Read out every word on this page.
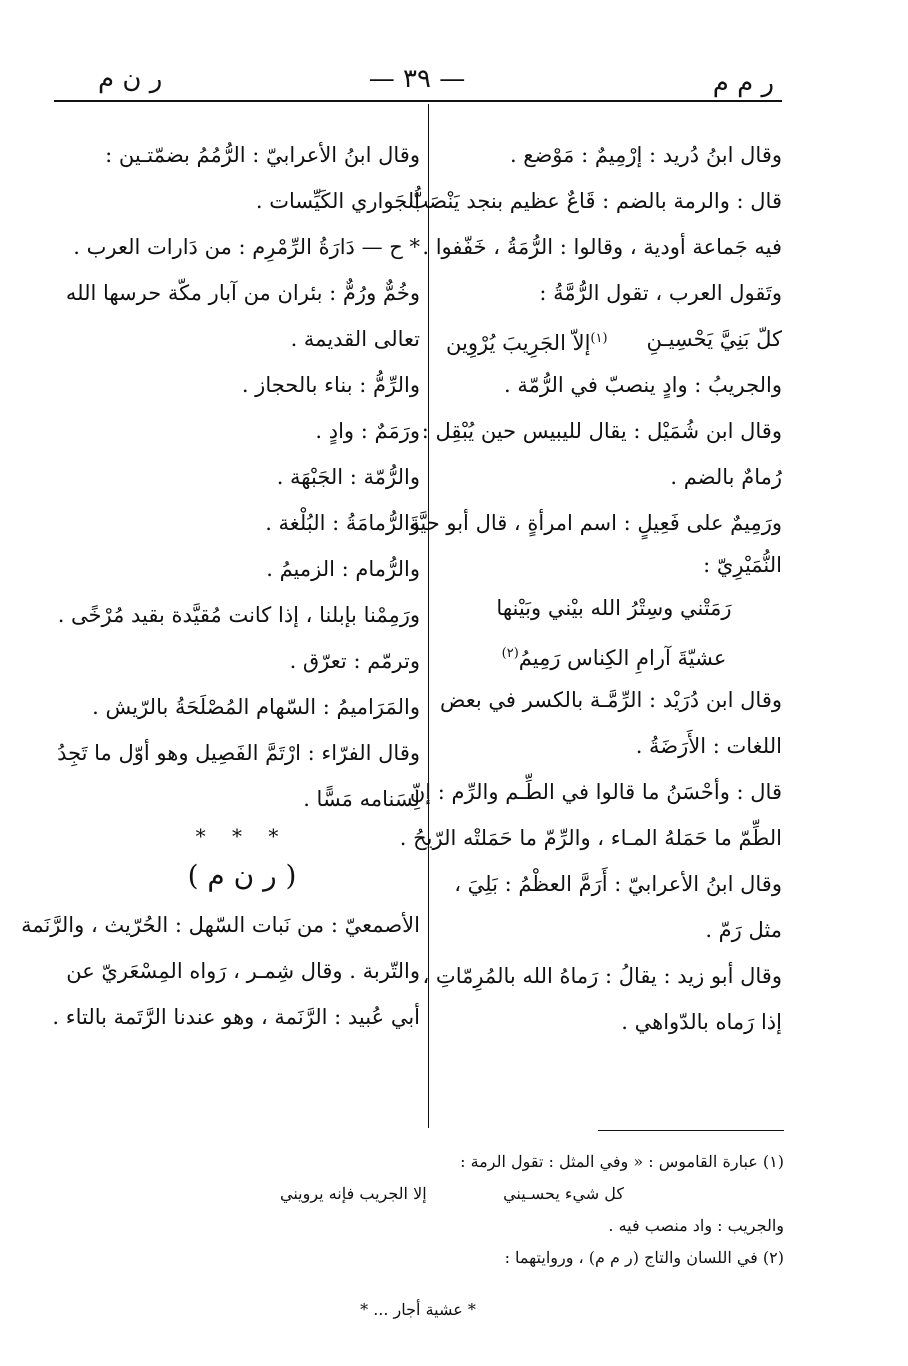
ر م م
— ٣٩ —
ر ن م
وقال ابنُ دُريد : إرْمِيمٌ : مَوْضع .
قال : والرمة بالضم : قَاعٌ عظيم بنجد يَنْصَبُّ
فيه جَماعة أودية ، وقالوا : الرُّمَةُ ، خَفّفوا .
وتَقول العرب ، تقول الرُّمَّةُ :
كلّ بَنِيَّ يَحْسِيـنِ
$^{(١)}$إلاّ الجَرِيبَ يُرْوِين
والجريبُ : وادٍ ينصبّ في الرُّمّة .
وقال ابن شُمَيْل : يقال لليبيس حين يُبْقِل :
رُمامٌ بالضم .
ورَمِيمٌ على فَعِيلٍ : اسم امرأةٍ ، قال أبو حيَّةَ
النُّمَيْرِيّ :
رَمَتْني وسِتْرُ الله بيْني وبَيْنها
عشيّةَ آرامِ الكِناس رَمِيمُ$^{(٢)}$
وقال ابن دُرَيْد : الرِّمَّـة بالكسر في بعض
اللغات : الأَرَضَةُ .
قال : وأحْسَنُ ما قالوا في الطِّـم والرِّم : إنّ
الطِّمّ ما حَمَلهُ المـاء ، والرِّمّ ما حَمَلتْه الرّيحُ .
وقال ابنُ الأعرابيّ : أَرَمَّ العظْمُ : بَلِيَ ،
مثل رَمّ .
وقال أبو زيد : يقالُ : رَماهُ الله بالمُرِمّاتِ ،
إذا رَماه بالدّواهي .
وقال ابنُ الأعرابيّ : الرُّمُمُ بضمّتـين :
الجَواري الكَيِّسات .
* ح — دَارَةُ الرِّمْرِم : من دَارات العرب .
وخُمٌّ ورُمٌّ : بئران من آبار مكّة حرسها الله
تعالى القديمة .
والرِّمُّ : بناء بالحجاز .
ورَمَمٌ : وادٍ .
والرُّمّة : الجَبْهَة .
والرُّمامَةُ : البُلْغة .
والرُّمام : الزميمُ .
ورَمِمْنا بإبلنا ، إذا كانت مُقيَّدة بقيد مُرْخًى .
وترمّم : تعرّق .
والمَرَاميمُ : السّهام المُصْلَحَةُ بالرّيش .
وقال الفرّاء : ارْتَمَّ الفَصِيل وهو أوّل ما تَجِدُ
لِسَنامه مَسًّا .
* * *
( ر ن م )
الأصمعيّ : من نَبات السّهل : الحُرّيث ، والرَّنَمة
والتّربة . وقال شِمـر ، رَواه المِسْعَريّ عن
أبي عُبيد : الرَّنَمة ، وهو عندنا الرَّتَمة بالتاء .
(١) عبارة القاموس : « وفي المثل : تقول الرمة :
كل شيء يحسـيني
إلا الجريب فإنه يرويني
والجريب : واد منصب فيه .
(٢) في اللسان والتاج (ر م م) ، وروايتهما :
* عشية أجار ... *
